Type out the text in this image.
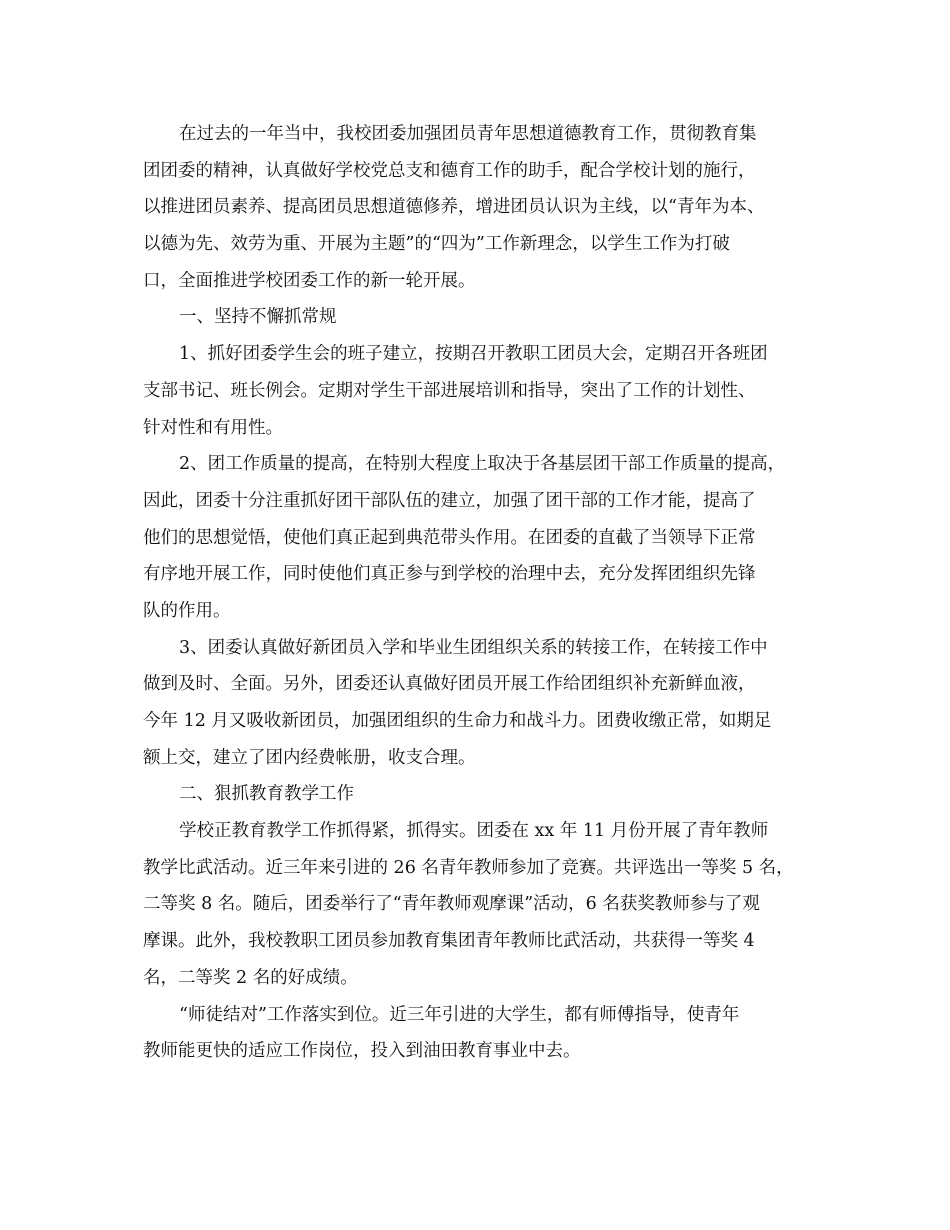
在过去的一年当中，我校团委加强团员青年思想道德教育工作，贯彻教育集
团团委的精神，认真做好学校党总支和德育工作的助手，配合学校计划的施行，
以推进团员素养、提高团员思想道德修养，增进团员认识为主线，以“青年为本、
以德为先、效劳为重、开展为主题”的“四为”工作新理念，以学生工作为打破
口，全面推进学校团委工作的新一轮开展。
一、坚持不懈抓常规
1、抓好团委学生会的班子建立，按期召开教职工团员大会，定期召开各班团
支部书记、班长例会。定期对学生干部进展培训和指导，突出了工作的计划性、
针对性和有用性。
2、团工作质量的提高，在特别大程度上取决于各基层团干部工作质量的提高，
因此，团委十分注重抓好团干部队伍的建立，加强了团干部的工作才能，提高了
他们的思想觉悟，使他们真正起到典范带头作用。在团委的直截了当领导下正常
有序地开展工作，同时使他们真正参与到学校的治理中去，充分发挥团组织先锋
队的作用。
3、团委认真做好新团员入学和毕业生团组织关系的转接工作，在转接工作中
做到及时、全面。另外，团委还认真做好团员开展工作给团组织补充新鲜血液，
今年 12 月又吸收新团员，加强团组织的生命力和战斗力。团费收缴正常，如期足
额上交，建立了团内经费帐册，收支合理。
二、狠抓教育教学工作
学校正教育教学工作抓得紧，抓得实。团委在 xx 年 11 月份开展了青年教师
教学比武活动。近三年来引进的 26 名青年教师参加了竞赛。共评选出一等奖 5 名，
二等奖 8 名。随后，团委举行了“青年教师观摩课”活动，6 名获奖教师参与了观
摩课。此外，我校教职工团员参加教育集团青年教师比武活动，共获得一等奖 4
名，二等奖 2 名的好成绩。
“师徒结对”工作落实到位。近三年引进的大学生，都有师傅指导，使青年
教师能更快的适应工作岗位，投入到油田教育事业中去。
